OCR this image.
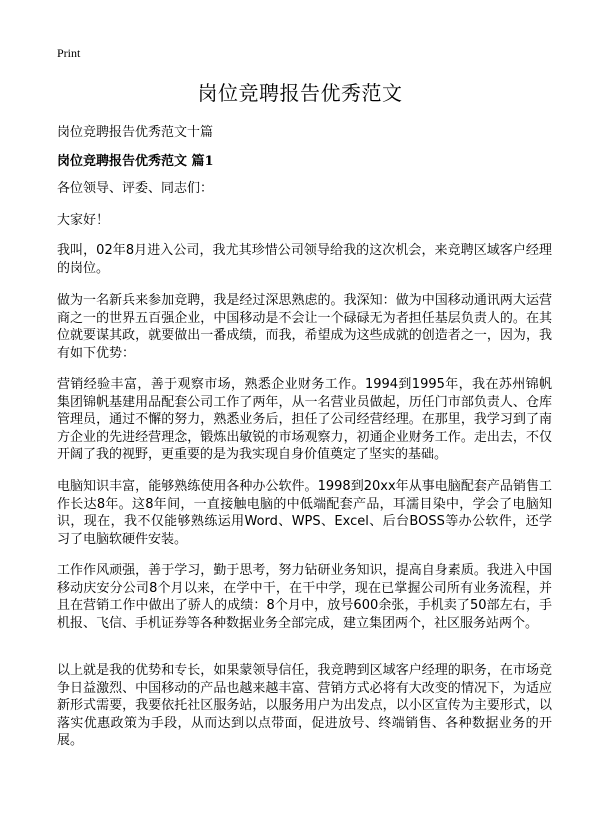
Print
岗位竞聘报告优秀范文
岗位竞聘报告优秀范文十篇
岗位竞聘报告优秀范文 篇1
各位领导、评委、同志们：
大家好！
我叫，02年8月进入公司，我尤其珍惜公司领导给我的这次机会，来竞聘区域客户经理的岗位。
做为一名新兵来参加竞聘，我是经过深思熟虑的。我深知：做为中国移动通讯两大运营商之一的世界五百强企业，中国移动是不会让一个碌碌无为者担任基层负责人的。在其位就要谋其政，就要做出一番成绩，而我，希望成为这些成就的创造者之一，因为，我有如下优势：
营销经验丰富，善于观察市场，熟悉企业财务工作。1994到1995年，我在苏州锦帆集团锦帆基建用品配套公司工作了两年，从一名营业员做起，历任门市部负责人、仓库管理员，通过不懈的努力，熟悉业务后，担任了公司经营经理。在那里，我学习到了南方企业的先进经营理念，锻炼出敏锐的市场观察力，初通企业财务工作。走出去，不仅开阔了我的视野，更重要的是为我实现自身价值奠定了坚实的基础。
电脑知识丰富，能够熟练使用各种办公软件。1998到20xx年从事电脑配套产品销售工作长达8年。这8年间，一直接触电脑的中低端配套产品，耳濡目染中，学会了电脑知识，现在，我不仅能够熟练运用Word、WPS、Excel、后台BOSS等办公软件，还学习了电脑软硬件安装。
工作作风顽强，善于学习，勤于思考，努力钻研业务知识，提高自身素质。我进入中国移动庆安分公司8个月以来，在学中干，在干中学，现在已掌握公司所有业务流程，并且在营销工作中做出了骄人的成绩：8个月中，放号600余张，手机卖了50部左右，手机报、飞信、手机证券等各种数据业务全部完成，建立集团两个，社区服务站两个。
以上就是我的优势和专长，如果蒙领导信任，我竞聘到区域客户经理的职务，在市场竞争日益激烈、中国移动的产品也越来越丰富、营销方式必将有大改变的情况下，为适应新形式需要，我要依托社区服务站，以服务用户为出发点，以小区宣传为主要形式，以落实优惠政策为手段，从而达到以点带面，促进放号、终端销售、各种数据业务的开展。
